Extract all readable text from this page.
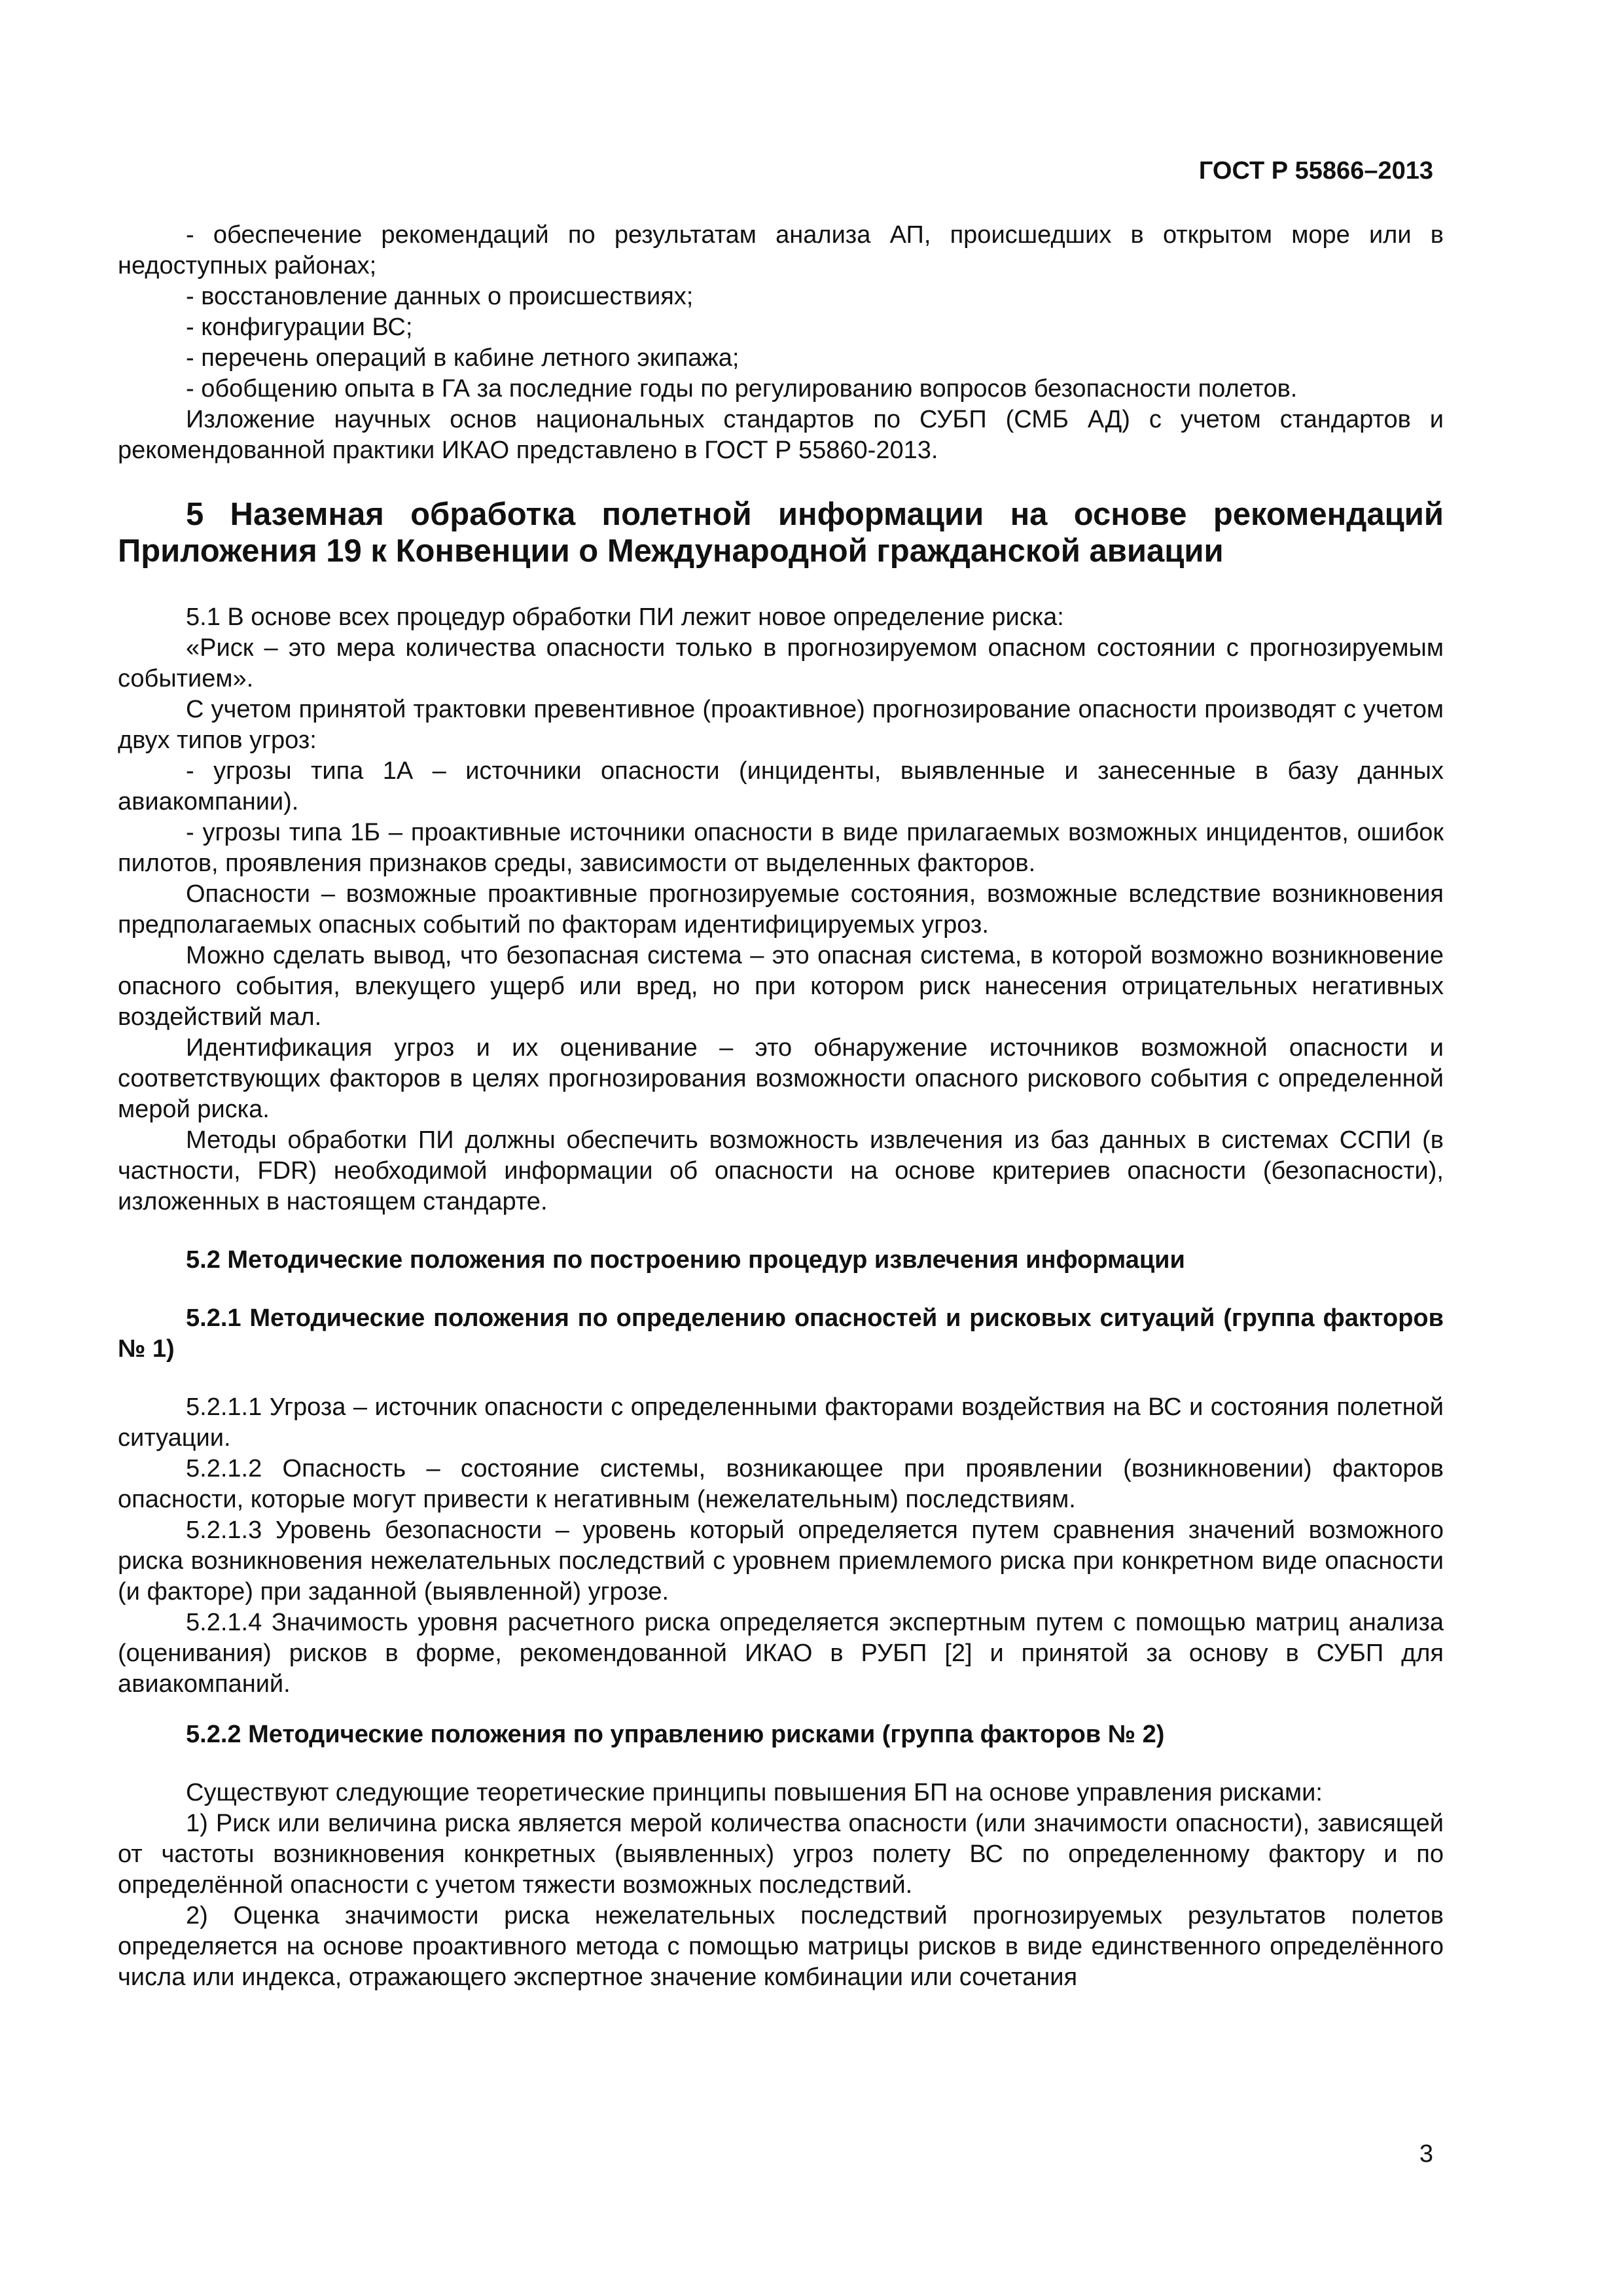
ГОСТ Р 55866–2013

- обеспечение рекомендаций по результатам анализа АП, происшедших в открытом море или в недоступных районах;

- восстановление данных о происшествиях;

- конфигурации ВС;

- перечень операций в кабине летного экипажа;

- обобщению опыта в ГА за последние годы по регулированию вопросов безопасности полетов.

Изложение научных основ национальных стандартов по СУБП (СМБ АД) с учетом стандартов и рекомендованной практики ИКАО представлено в ГОСТ Р 55860-2013.

5 Наземная обработка полетной информации на основе рекомендаций Приложения 19 к Конвенции о Международной гражданской авиации

5.1 В основе всех процедур обработки ПИ лежит новое определение риска:

«Риск – это мера количества опасности только в прогнозируемом опасном состоянии с прогнозируемым событием».

С учетом принятой трактовки превентивное (проактивное) прогнозирование опасности производят с учетом двух типов угроз:

- угрозы типа 1А – источники опасности (инциденты, выявленные и занесенные в базу данных авиакомпании).

- угрозы типа 1Б – проактивные источники опасности в виде прилагаемых возможных инцидентов, ошибок пилотов, проявления признаков среды, зависимости от выделенных факторов.

Опасности – возможные проактивные прогнозируемые состояния, возможные вследствие возникновения предполагаемых опасных событий по факторам идентифицируемых угроз.

Можно сделать вывод, что безопасная система – это опасная система, в которой возможно возникновение опасного события, влекущего ущерб или вред, но при котором риск нанесения отрицательных негативных воздействий мал.

Идентификация угроз и их оценивание – это обнаружение источников возможной опасности и соответствующих факторов в целях прогнозирования возможности опасного рискового события с определенной мерой риска.

Методы обработки ПИ должны обеспечить возможность извлечения из баз данных в системах ССПИ (в частности, FDR) необходимой информации об опасности на основе критериев опасности (безопасности), изложенных в настоящем стандарте.

5.2 Методические положения по построению процедур извлечения информации
5.2.1 Методические положения по определению опасностей и рисковых ситуаций (группа факторов № 1)

5.2.1.1 Угроза – источник опасности с определенными факторами воздействия на ВС и состояния полетной ситуации.

5.2.1.2 Опасность – состояние системы, возникающее при проявлении (возникновении) факторов опасности, которые могут привести к негативным (нежелательным) последствиям.

5.2.1.3 Уровень безопасности – уровень который определяется путем сравнения значений возможного риска возникновения нежелательных последствий с уровнем приемлемого риска при конкретном виде опасности (и факторе) при заданной (выявленной) угрозе.

5.2.1.4 Значимость уровня расчетного риска определяется экспертным путем с помощью матриц анализа (оценивания) рисков в форме, рекомендованной ИКАО в РУБП [2] и принятой за основу в СУБП для авиакомпаний.

5.2.2 Методические положения по управлению рисками (группа факторов № 2)

Существуют следующие теоретические принципы повышения БП на основе управления рисками:

1) Риск или величина риска является мерой количества опасности (или значимости опасности), зависящей от частоты возникновения конкретных (выявленных) угроз полету ВС по определенному фактору и по определённой опасности с учетом тяжести возможных последствий.

2) Оценка значимости риска нежелательных последствий прогнозируемых результатов полетов определяется на основе проактивного метода с помощью матрицы рисков в виде единственного определённого числа или индекса, отражающего экспертное значение комбинации или сочетания

3
